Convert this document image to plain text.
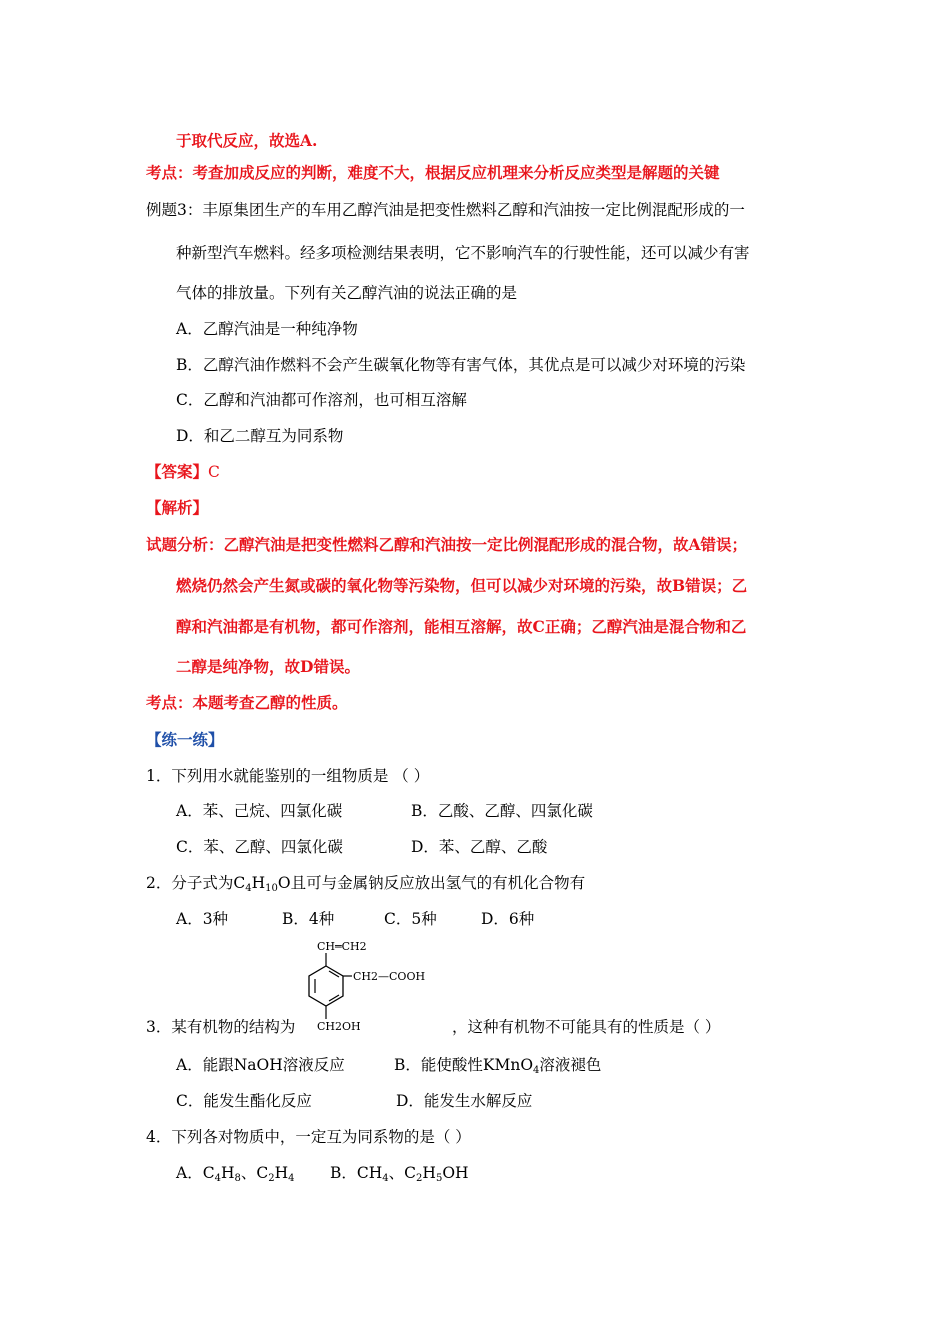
于取代反应，故选A.
考点：考查加成反应的判断，难度不大，根据反应机理来分析反应类型是解题的关键
例题3：丰原集团生产的车用乙醇汽油是把变性燃料乙醇和汽油按一定比例混配形成的一
种新型汽车燃料。经多项检测结果表明，它不影响汽车的行驶性能，还可以减少有害
气体的排放量。下列有关乙醇汽油的说法正确的是
A．乙醇汽油是一种纯净物
B．乙醇汽油作燃料不会产生碳氧化物等有害气体，其优点是可以减少对环境的污染
C．乙醇和汽油都可作溶剂，也可相互溶解
D．和乙二醇互为同系物
【答案】C
【解析】
试题分析：乙醇汽油是把变性燃料乙醇和汽油按一定比例混配形成的混合物，故A错误；
燃烧仍然会产生氮或碳的氧化物等污染物，但可以减少对环境的污染，故B错误；乙
醇和汽油都是有机物，都可作溶剂，能相互溶解，故C正确；乙醇汽油是混合物和乙
二醇是纯净物，故D错误。
考点：本题考查乙醇的性质。
【练一练】
1．下列用水就能鉴别的一组物质是 （ ）
A．苯、己烷、四氯化碳	B．乙酸、乙醇、四氯化碳
C．苯、乙醇、四氯化碳	D．苯、乙醇、乙酸
2．分子式为$C_4H_{10}O$且可与金属钠反应放出氢气的有机化合物有
A．3种	B．4种	C．5种	D．6种
CH═CH2
CH2—COOH
CH2OH
3．某有机物的结构为	，这种有机物不可能具有的性质是（ ）
A．能跟NaOH溶液反应	B．能使酸性KMnO$_4$溶液褪色
C．能发生酯化反应	D．能发生水解反应
4．下列各对物质中，一定互为同系物的是（ ）
A．$C_4H_8$、$C_2H_4$ B．$CH_4$、$C_2H_5OH$
